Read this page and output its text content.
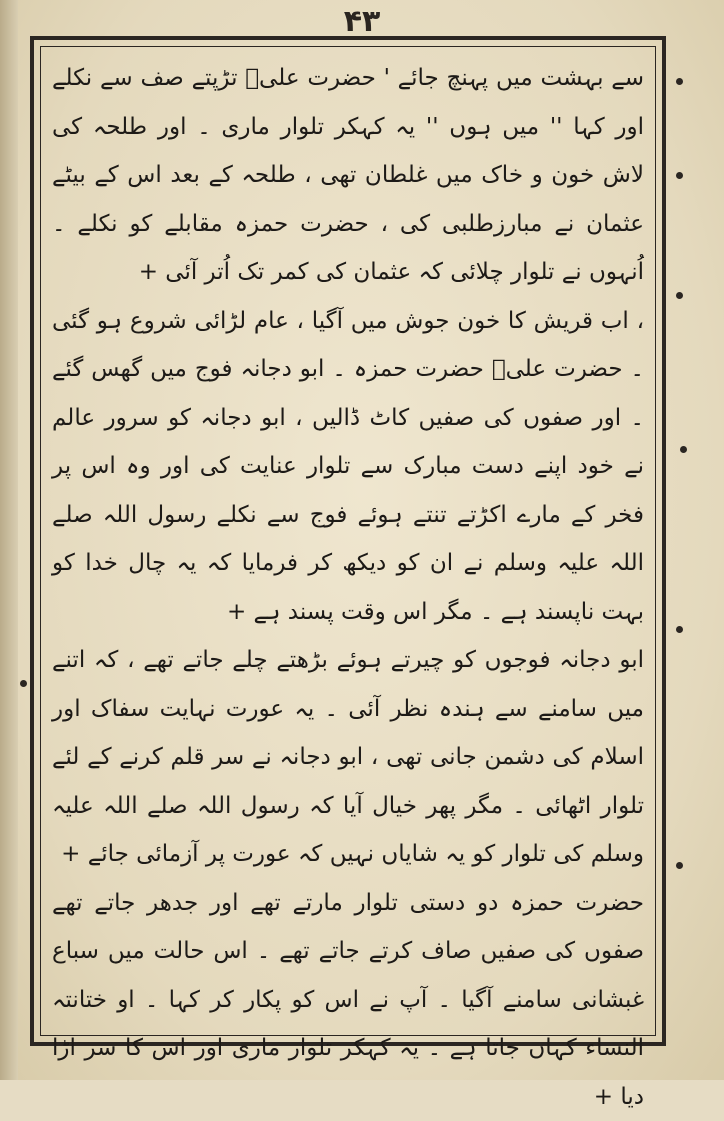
۴۳

سے بہشت میں پہنچ جائے ' حضرت علیؓ تڑپتے صف سے نکلے اور کہا '' میں ہوں '' یہ کہکر تلوار ماری ۔ اور طلحہ کی لاش خون و خاک میں غلطان تھی ، طلحہ کے بعد اس کے بیٹے عثمان نے مبارزطلبی کی ، حضرت حمزہ مقابلے کو نکلے ۔ اُنہوں نے تلوار چلائی کہ عثمان کی کمر تک اُتر آئی +

، اب قریش کا خون جوش میں آگیا ، عام لڑائی شروع ہو گئی ۔ حضرت علیؓ حضرت حمزہ ۔ ابو دجانہ فوج میں گھس گئے ۔ اور صفوں کی صفیں کاٹ ڈالیں ، ابو دجانہ کو سرور عالم نے خود اپنے دست مبارک سے تلوار عنایت کی اور وہ اس پر فخر کے مارے اکڑتے تنتے ہوئے فوج سے نکلے رسول اللہ صلے اللہ علیہ وسلم نے ان کو دیکھ کر فرمایا کہ یہ چال خدا کو بہت ناپسند ہے ۔ مگر اس وقت پسند ہے +

ابو دجانہ فوجوں کو چیرتے ہوئے بڑھتے چلے جاتے تھے ، کہ اتنے میں سامنے سے ہندہ نظر آئی ۔ یہ عورت نہایت سفاک اور اسلام کی دشمن جانی تھی ، ابو دجانہ نے سر قلم کرنے کے لئے تلوار اٹھائی ۔ مگر پھر خیال آیا کہ رسول اللہ صلے اللہ علیہ وسلم کی تلوار کو یہ شایاں نہیں کہ عورت پر آزمائی جائے +

حضرت حمزہ دو دستی تلوار مارتے تھے اور جدھر جاتے تھے صفوں کی صفیں صاف کرتے جاتے تھے ۔ اس حالت میں سباع غبشانی سامنے آگیا ۔ آپ نے اس کو پکار کر کہا ۔ او ختانتہ النساء کہاں جاتا ہے ۔ یہ کہکر تلوار ماری اور اس کا سر اڑا دیا +
